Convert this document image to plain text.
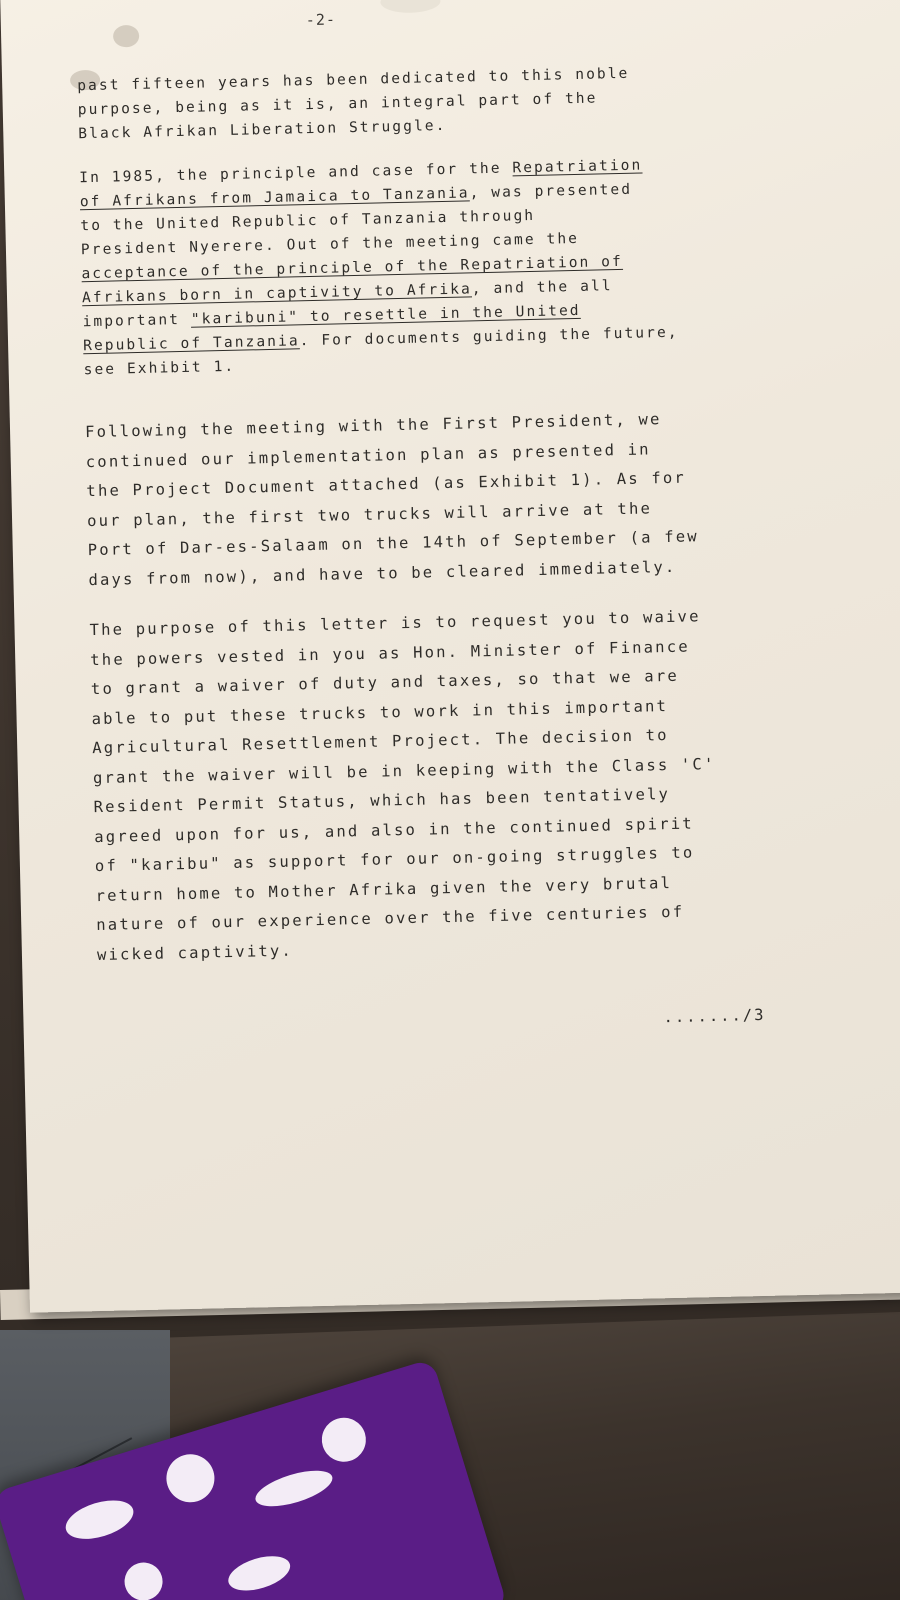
-2-
past fifteen years has been dedicated to this noble
purpose, being as it is, an integral part of the
Black Afrikan Liberation Struggle.
In 1985, the principle and case for the Repatriation
of Afrikans from Jamaica to Tanzania, was presented
to the United Republic of Tanzania through
President Nyerere. Out of the meeting came the
acceptance of the principle of the Repatriation of
Afrikans born in captivity to Afrika, and the all
important "karibuni" to resettle in the United
Republic of Tanzania. For documents guiding the future,
see Exhibit 1.
Following the meeting with the First President, we
continued our implementation plan as presented in
the Project Document attached (as Exhibit 1). As for
our plan, the first two trucks will arrive at the
Port of Dar-es-Salaam on the 14th of September (a few
days from now), and have to be cleared immediately.
The purpose of this letter is to request you to waive
the powers vested in you as Hon. Minister of Finance
to grant a waiver of duty and taxes, so that we are
able to put these trucks to work in this important
Agricultural Resettlement Project. The decision to
grant the waiver will be in keeping with the Class 'C'
Resident Permit Status, which has been tentatively
agreed upon for us, and also in the continued spirit
of "karibu" as support for our on-going struggles to
return home to Mother Afrika given the very brutal
nature of our experience over the five centuries of
wicked captivity.
......./3
